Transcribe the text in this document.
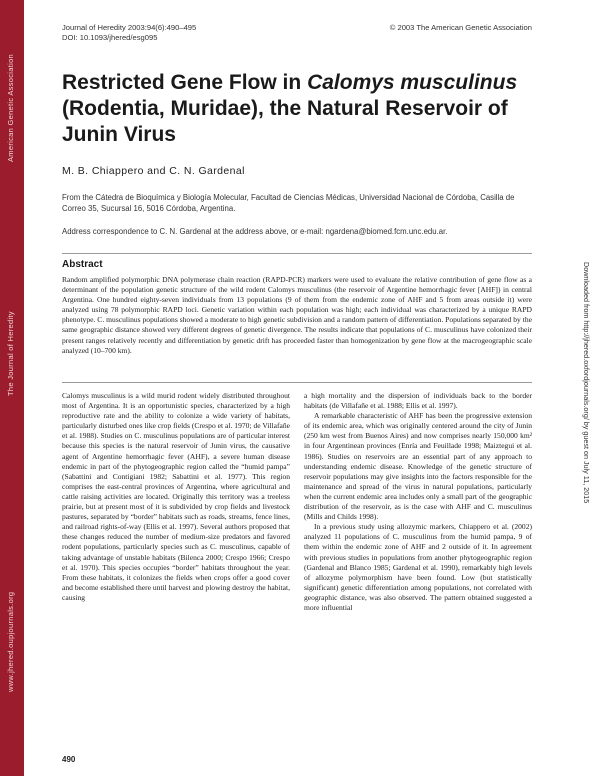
American Genetic Association
The Journal of Heredity
www.jhered.oupjournals.org
Downloaded from http://jhered.oxfordjournals.org/ by guest on July 11, 2015
Journal of Heredity 2003:94(6):490–495	© 2003 The American Genetic Association
DOI: 10.1093/jhered/esg095
Restricted Gene Flow in Calomys musculinus (Rodentia, Muridae), the Natural Reservoir of Junin Virus
M. B. Chiappero and C. N. Gardenal
From the Cátedra de Bioquímica y Biología Molecular, Facultad de Ciencias Médicas, Universidad Nacional de Córdoba, Casilla de Correo 35, Sucursal 16, 5016 Córdoba, Argentina.
Address correspondence to C. N. Gardenal at the address above, or e-mail: ngardena@biomed.fcm.unc.edu.ar.
Abstract
Random amplified polymorphic DNA polymerase chain reaction (RAPD-PCR) markers were used to evaluate the relative contribution of gene flow as a determinant of the population genetic structure of the wild rodent Calomys musculinus (the reservoir of Argentine hemorrhagic fever [AHF]) in central Argentina. One hundred eighty-seven individuals from 13 populations (9 of them from the endemic zone of AHF and 5 from areas outside it) were analyzed using 78 polymorphic RAPD loci. Genetic variation within each population was high; each individual was characterized by a unique RAPD phenotype. C. musculinus populations showed a moderate to high genetic subdivision and a random pattern of differentiation. Populations separated by the same geographic distance showed very different degrees of genetic divergence. The results indicate that populations of C. musculinus have colonized their present ranges relatively recently and differentiation by genetic drift has proceeded faster than homogenization by gene flow at the macrogeographic scale analyzed (10–700 km).

Calomys musculinus is a wild murid rodent widely distributed throughout most of Argentina. It is an opportunistic species, characterized by a high reproductive rate and the ability to colonize a wide variety of habitats, particularly disturbed ones like crop fields (Crespo et al. 1970; de Villafañe et al. 1988). Studies on C. musculinus populations are of particular interest because this species is the natural reservoir of Junin virus, the causative agent of Argentine hemorrhagic fever (AHF), a severe human disease endemic in part of the phytogeographic region called the “humid pampa” (Sabattini and Contigiani 1982; Sabattini et al. 1977). This region comprises the east-central provinces of Argentina, where agricultural and cattle raising activities are located. Originally this territory was a treeless prairie, but at present most of it is subdivided by crop fields and livestock pastures, separated by “border” habitats such as roads, streams, fence lines, and railroad rights-of-way (Ellis et al. 1997). Several authors proposed that these changes reduced the number of medium-size predators and favored rodent populations, particularly species such as C. musculinus, capable of taking advantage of unstable habitats (Bilenca 2000; Crespo 1966; Crespo et al. 1970). This species occupies “border” habitats throughout the year. From these habitats, it colonizes the fields when crops offer a good cover and become established there until harvest and plowing destroy the habitat, causing

a high mortality and the dispersion of individuals back to the border habitats (de Villafañe et al. 1988; Ellis et al. 1997).

A remarkable characteristic of AHF has been the progressive extension of its endemic area, which was originally centered around the city of Junin (250 km west from Buenos Aires) and now comprises nearly 150,000 km² in four Argentinean provinces (Enría and Feuillade 1998; Maiztegui et al. 1986). Studies on reservoirs are an essential part of any approach to understanding endemic disease. Knowledge of the genetic structure of reservoir populations may give insights into the factors responsible for the maintenance and spread of the virus in natural populations, particularly when the current endemic area includes only a small part of the geographic distribution of the reservoir, as is the case with AHF and C. musculinus (Mills and Childs 1998).

In a previous study using allozymic markers, Chiappero et al. (2002) analyzed 11 populations of C. musculinus from the humid pampa, 9 of them within the endemic zone of AHF and 2 outside of it. In agreement with previous studies in populations from another phytogeographic region (Gardenal and Blanco 1985; Gardenal et al. 1990), remarkably high levels of allozyme polymorphism have been found. Low (but statistically significant) genetic differentiation among populations, not correlated with geographic distance, was also observed. The pattern obtained suggested a more influential

490
